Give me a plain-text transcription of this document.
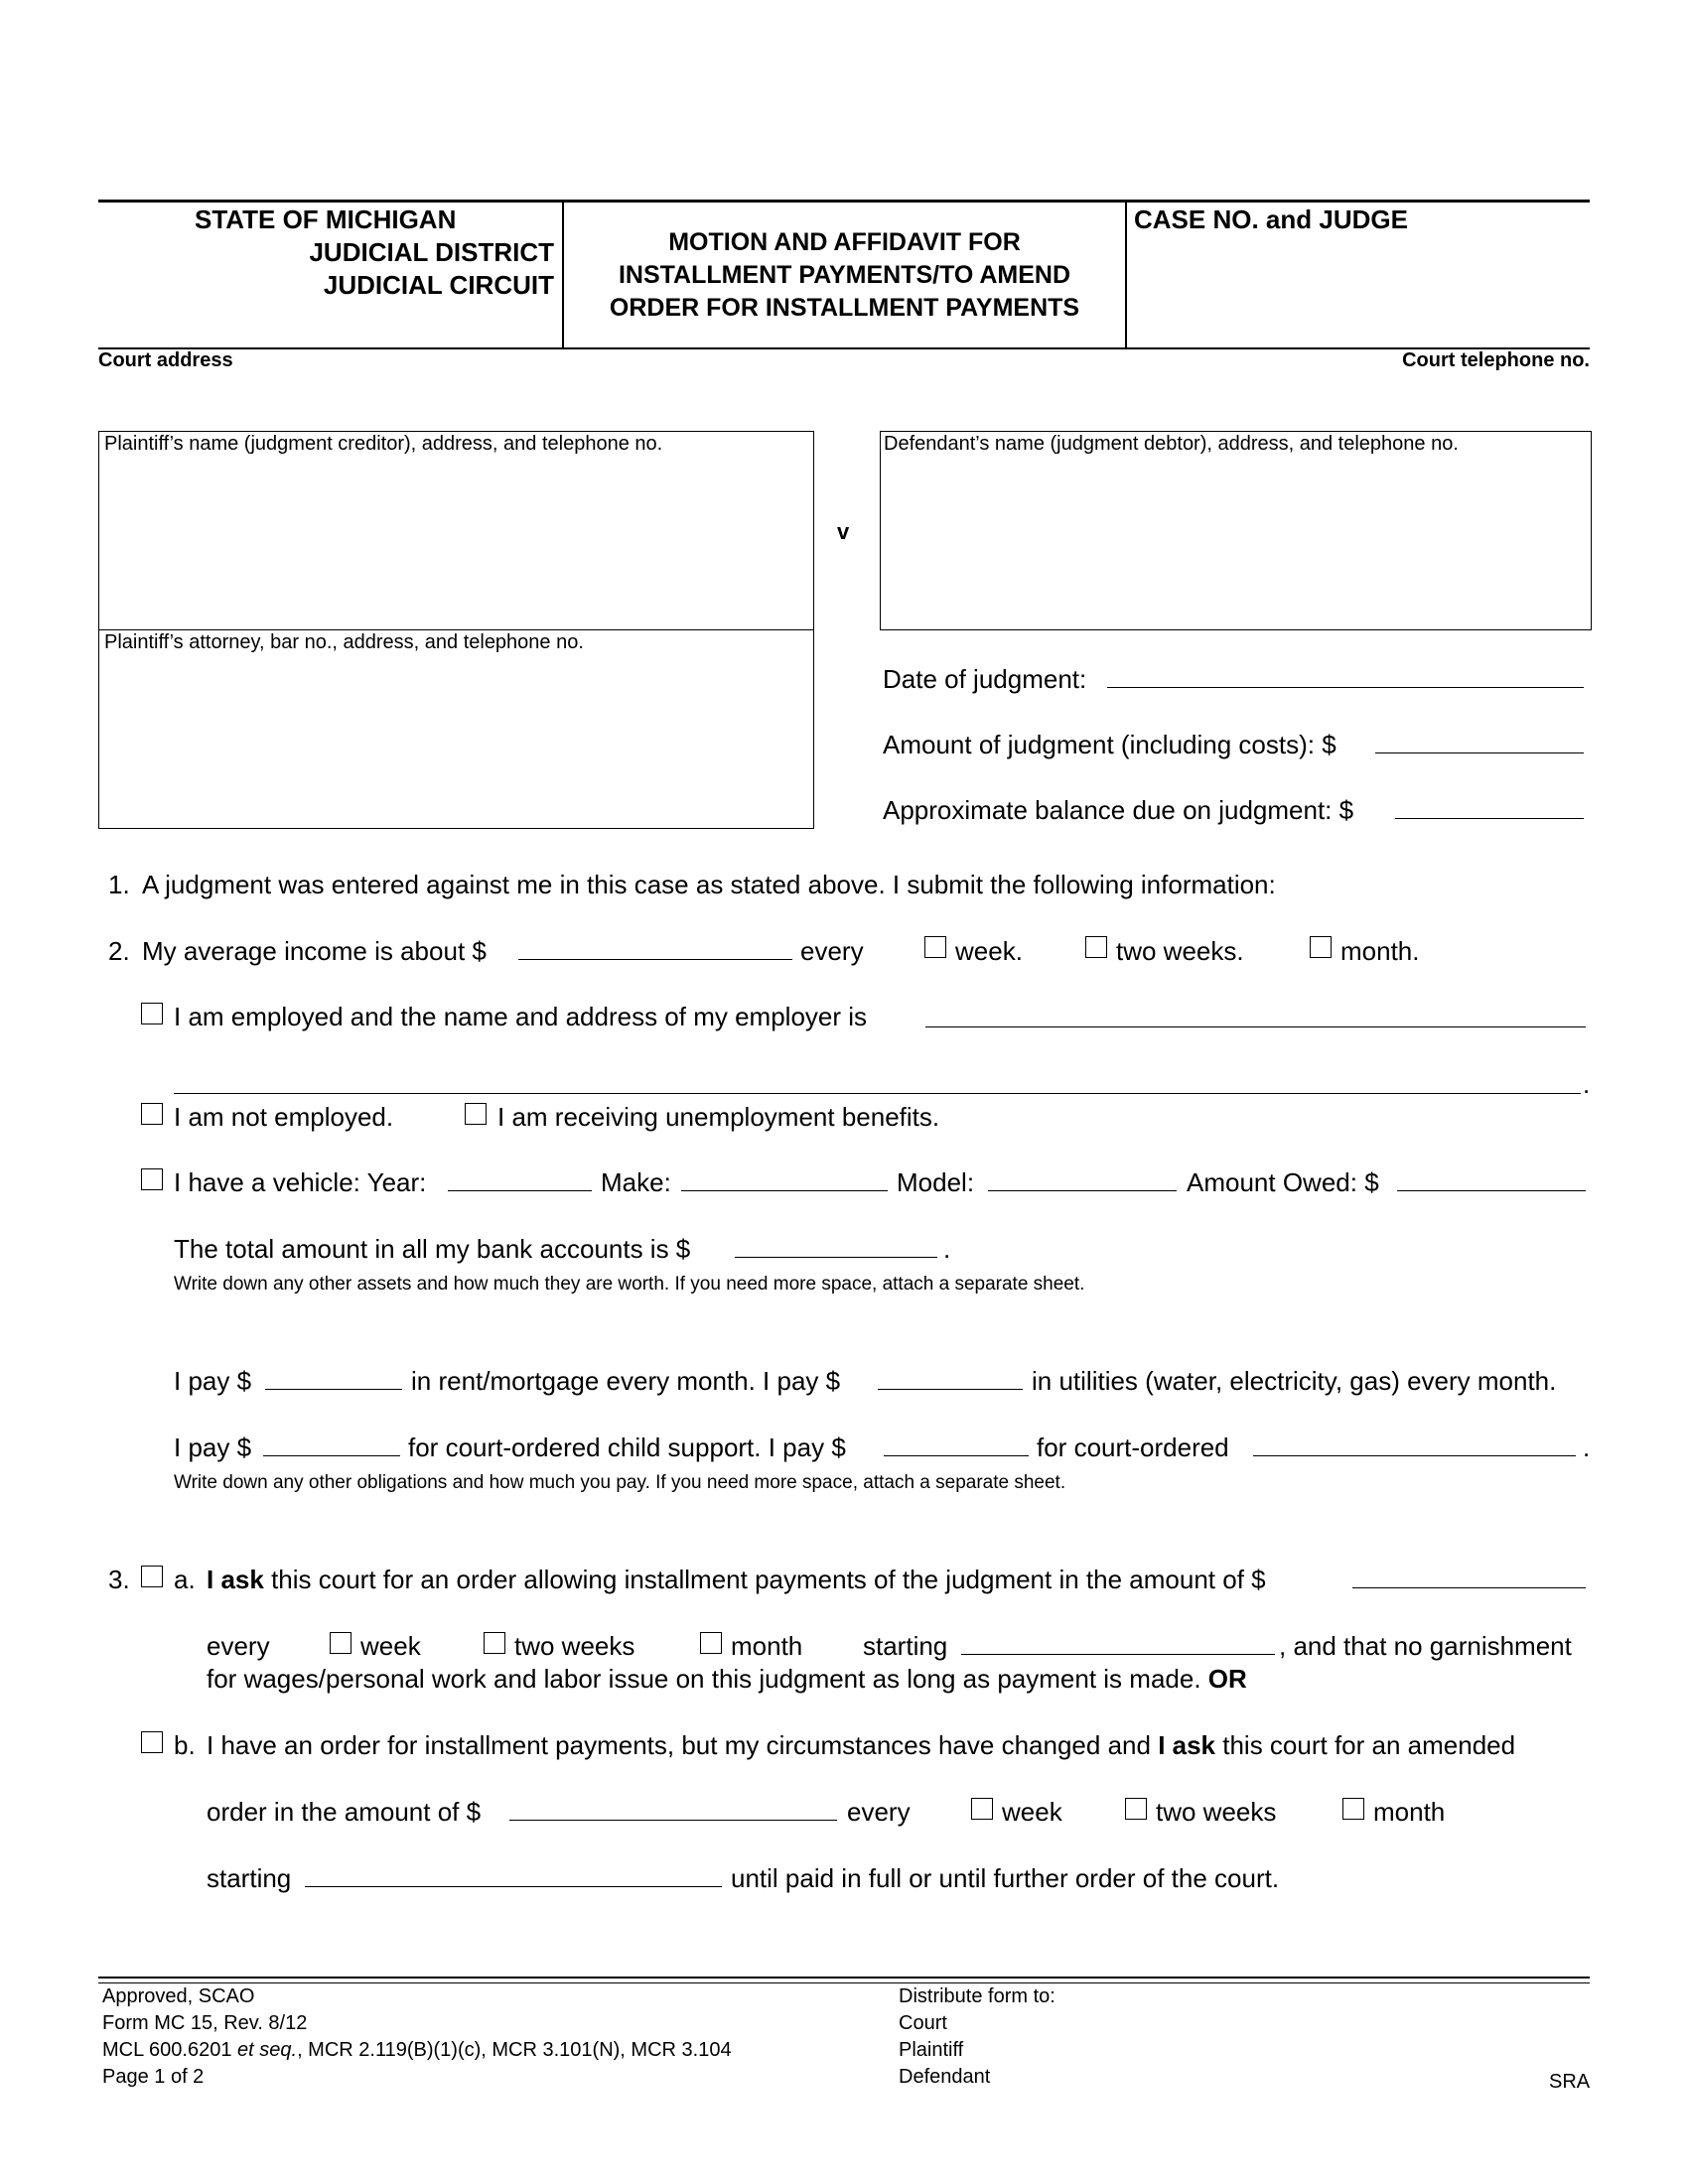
STATE OF MICHIGAN
JUDICIAL DISTRICT
JUDICIAL CIRCUIT
MOTION AND AFFIDAVIT FOR
INSTALLMENT PAYMENTS/TO AMEND
ORDER FOR INSTALLMENT PAYMENTS
CASE NO. and JUDGE
Court address	Court telephone no.
Plaintiff’s name (judgment creditor), address, and telephone no.
Plaintiff’s attorney, bar no., address, and telephone no.
v
Defendant’s name (judgment debtor), address, and telephone no.
Date of judgment:
Amount of judgment (including costs): $
Approximate balance due on judgment: $
1. A judgment was entered against me in this case as stated above. I submit the following information:
2. My average income is about $	every	week.	two weeks.	month.
I am employed and the name and address of my employer is
.
I am not employed.	I am receiving unemployment benefits.
I have a vehicle: Year:	Make:	Model:	Amount Owed: $
The total amount in all my bank accounts is $	.
Write down any other assets and how much they are worth. If you need more space, attach a separate sheet.
I pay $	in rent/mortgage every month. I pay $	in utilities (water, electricity, gas) every month.
I pay $	for court-ordered child support. I pay $	for court-ordered	.
Write down any other obligations and how much you pay. If you need more space, attach a separate sheet.
3. a. I ask this court for an order allowing installment payments of the judgment in the amount of $
every	week	two weeks	month starting	, and that no garnishment
for wages/personal work and labor issue on this judgment as long as payment is made. OR
b. I have an order for installment payments, but my circumstances have changed and I ask this court for an amended
order in the amount of $	every	week	two weeks	month
starting	until paid in full or until further order of the court.
Approved, SCAO
Form MC 15, Rev. 8/12
MCL 600.6201 et seq., MCR 2.119(B)(1)(c), MCR 3.101(N), MCR 3.104
Page 1 of 2
Distribute form to:
Court
Plaintiff
Defendant	SRA
